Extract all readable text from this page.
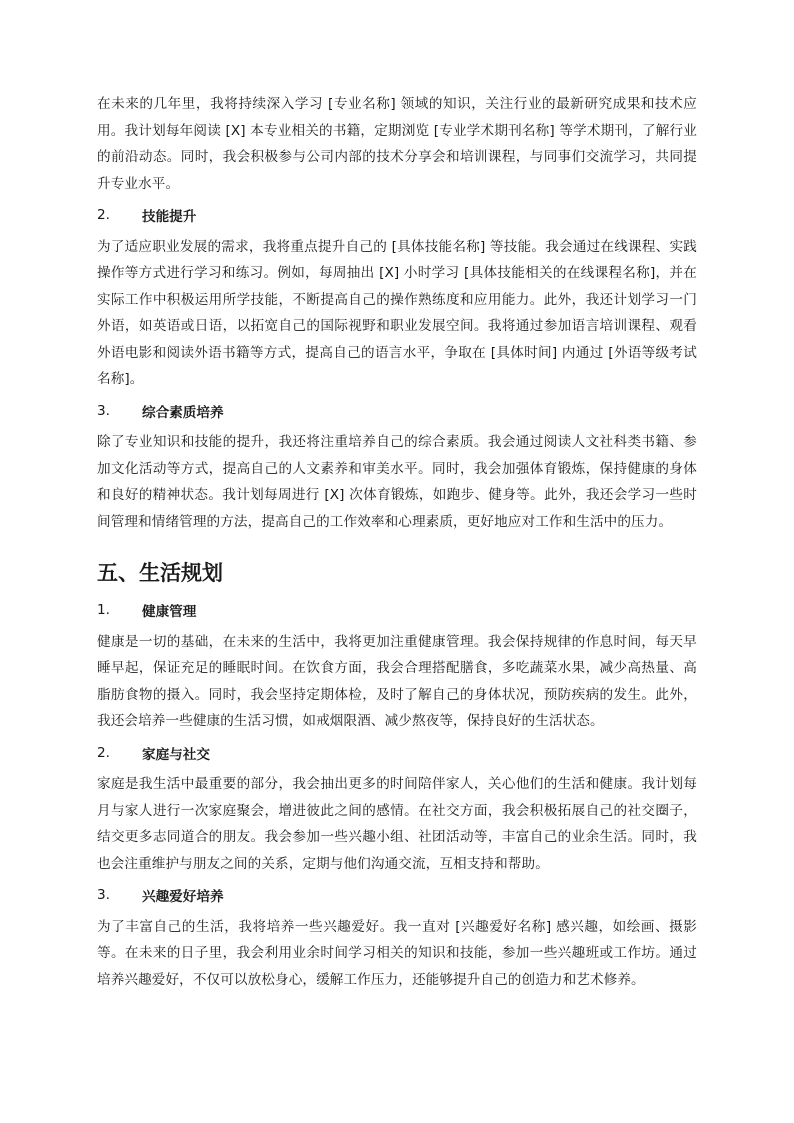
在未来的几年里，我将持续深入学习 [专业名称] 领域的知识，关注行业的最新研究成果和技术应用。我计划每年阅读 [X] 本专业相关的书籍，定期浏览 [专业学术期刊名称] 等学术期刊，了解行业的前沿动态。同时，我会积极参与公司内部的技术分享会和培训课程，与同事们交流学习，共同提升专业水平。

2.	技能提升

为了适应职业发展的需求，我将重点提升自己的 [具体技能名称] 等技能。我会通过在线课程、实践操作等方式进行学习和练习。例如，每周抽出 [X] 小时学习 [具体技能相关的在线课程名称]，并在实际工作中积极运用所学技能，不断提高自己的操作熟练度和应用能力。此外，我还计划学习一门外语，如英语或日语，以拓宽自己的国际视野和职业发展空间。我将通过参加语言培训课程、观看外语电影和阅读外语书籍等方式，提高自己的语言水平，争取在 [具体时间] 内通过 [外语等级考试名称]。

3.	综合素质培养

除了专业知识和技能的提升，我还将注重培养自己的综合素质。我会通过阅读人文社科类书籍、参加文化活动等方式，提高自己的人文素养和审美水平。同时，我会加强体育锻炼，保持健康的身体和良好的精神状态。我计划每周进行 [X] 次体育锻炼，如跑步、健身等。此外，我还会学习一些时间管理和情绪管理的方法，提高自己的工作效率和心理素质，更好地应对工作和生活中的压力。

五、生活规划
1.	健康管理

健康是一切的基础，在未来的生活中，我将更加注重健康管理。我会保持规律的作息时间，每天早睡早起，保证充足的睡眠时间。在饮食方面，我会合理搭配膳食，多吃蔬菜水果，减少高热量、高脂肪食物的摄入。同时，我会坚持定期体检，及时了解自己的身体状况，预防疾病的发生。此外，我还会培养一些健康的生活习惯，如戒烟限酒、减少熬夜等，保持良好的生活状态。

2.	家庭与社交

家庭是我生活中最重要的部分，我会抽出更多的时间陪伴家人，关心他们的生活和健康。我计划每月与家人进行一次家庭聚会，增进彼此之间的感情。在社交方面，我会积极拓展自己的社交圈子，结交更多志同道合的朋友。我会参加一些兴趣小组、社团活动等，丰富自己的业余生活。同时，我也会注重维护与朋友之间的关系，定期与他们沟通交流，互相支持和帮助。

3.	兴趣爱好培养

为了丰富自己的生活，我将培养一些兴趣爱好。我一直对 [兴趣爱好名称] 感兴趣，如绘画、摄影等。在未来的日子里，我会利用业余时间学习相关的知识和技能，参加一些兴趣班或工作坊。通过培养兴趣爱好，不仅可以放松身心，缓解工作压力，还能够提升自己的创造力和艺术修养。
